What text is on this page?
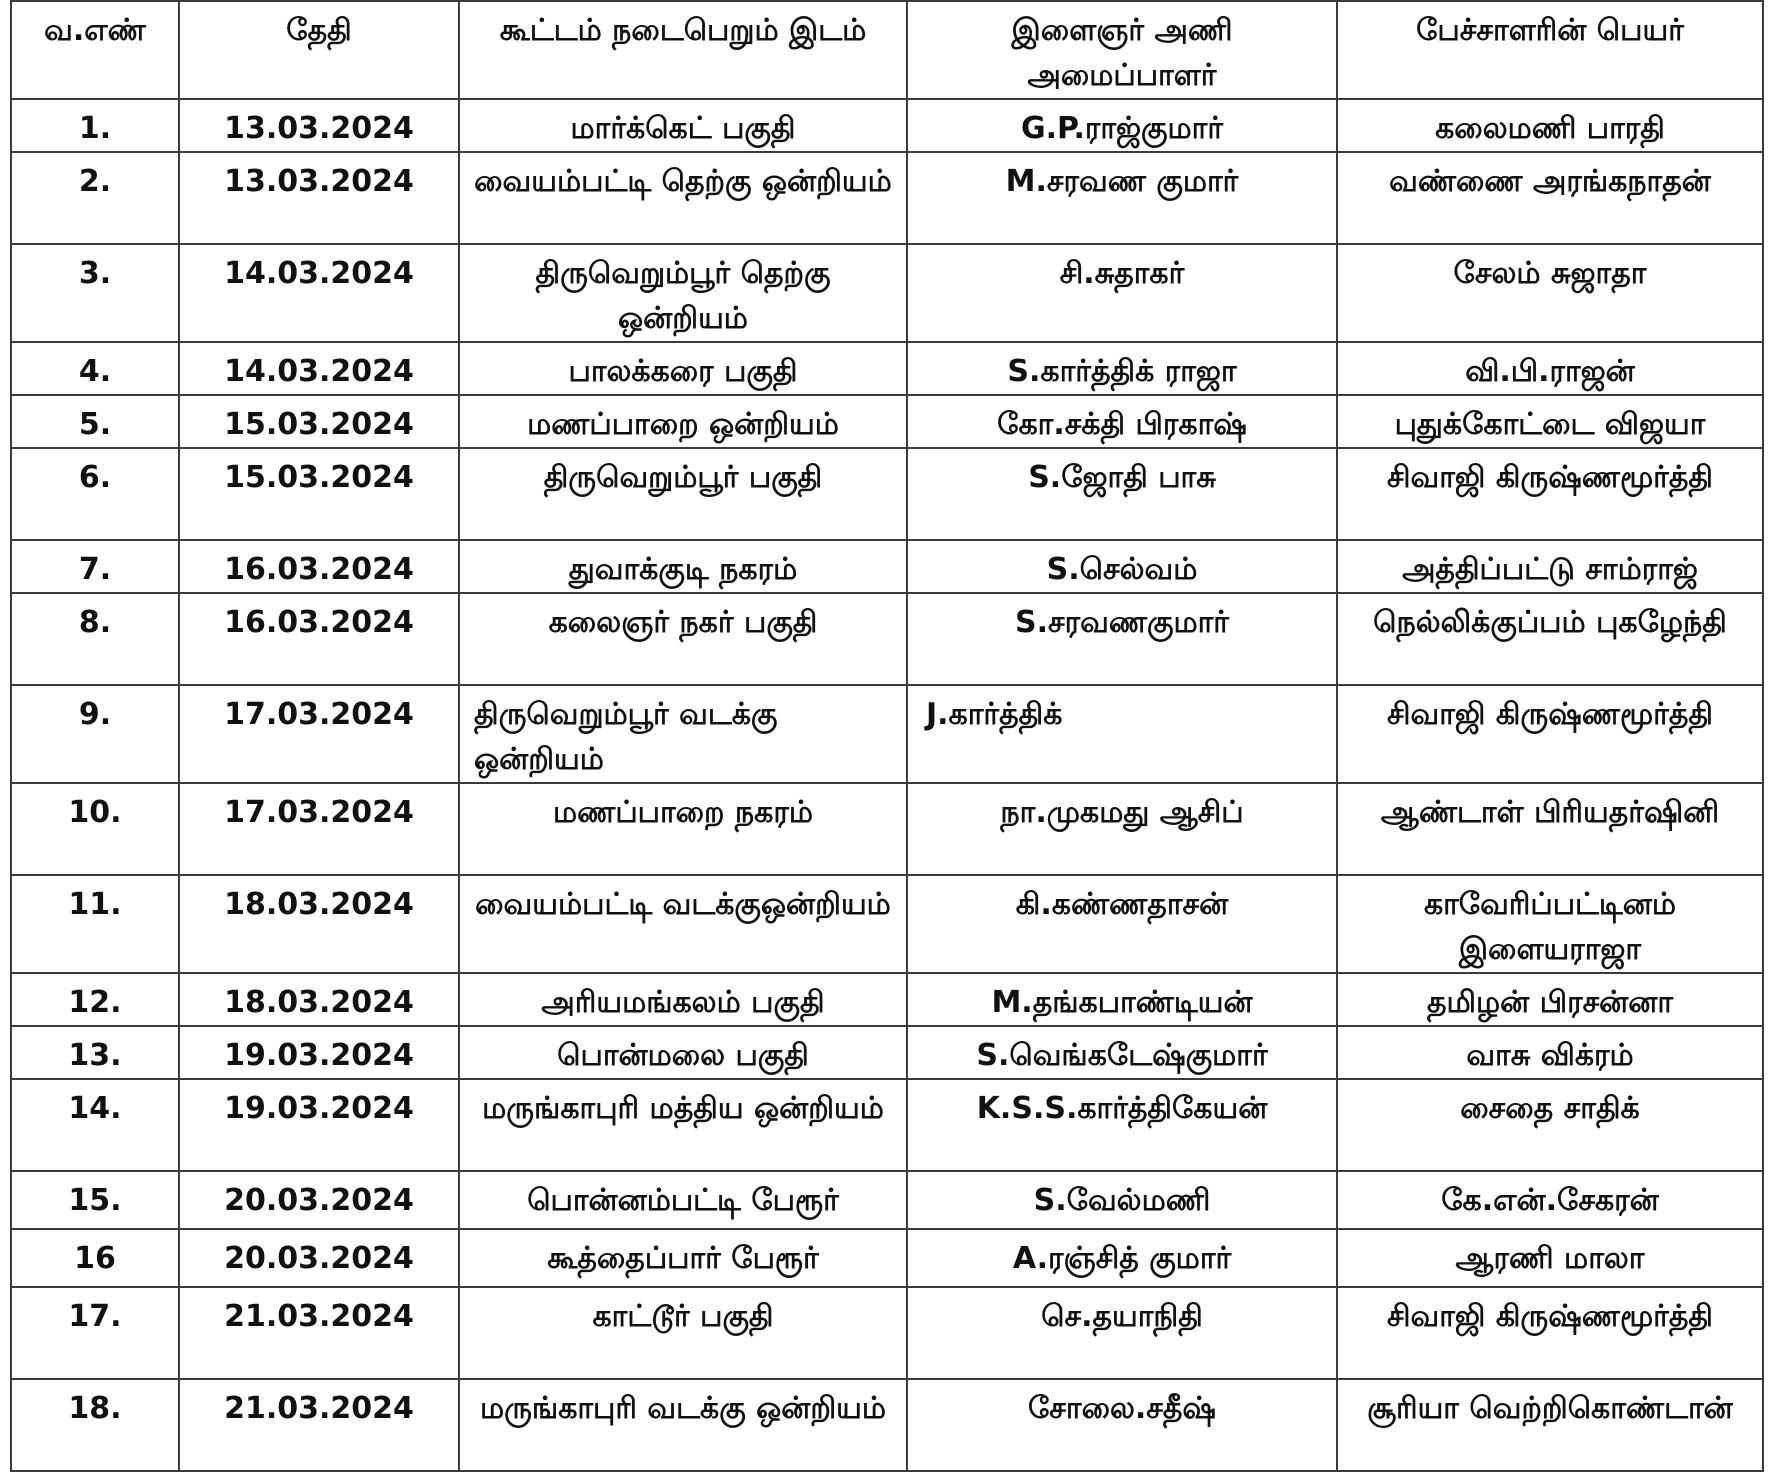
வ.எண்	தேதி	கூட்டம் நடைபெறும் இடம்	இளைஞர் அணி அமைப்பாளர்	பேச்சாளரின் பெயர்
1.	13.03.2024	மார்க்கெட் பகுதி	G.P.ராஜ்குமார்	கலைமணி பாரதி
2.	13.03.2024	வையம்பட்டி தெற்கு ஒன்றியம்	M.சரவண குமார்	வண்ணை அரங்கநாதன்
3.	14.03.2024	திருவெறும்பூர் தெற்கு ஒன்றியம்	சி.சுதாகர்	சேலம் சுஜாதா
4.	14.03.2024	பாலக்கரை பகுதி	S.கார்த்திக் ராஜா	வி.பி.ராஜன்
5.	15.03.2024	மணப்பாறை ஒன்றியம்	கோ.சக்தி பிரகாஷ்	புதுக்கோட்டை விஜயா
6.	15.03.2024	திருவெறும்பூர் பகுதி	S.ஜோதி பாசு	சிவாஜி கிருஷ்ணமூர்த்தி
7.	16.03.2024	துவாக்குடி நகரம்	S.செல்வம்	அத்திப்பட்டு சாம்ராஜ்
8.	16.03.2024	கலைஞர் நகர் பகுதி	S.சரவணகுமார்	நெல்லிக்குப்பம் புகழேந்தி
9.	17.03.2024	திருவெறும்பூர் வடக்கு ஒன்றியம்	J.கார்த்திக்	சிவாஜி கிருஷ்ணமூர்த்தி
10.	17.03.2024	மணப்பாறை நகரம்	நா.முகமது ஆசிப்	ஆண்டாள் பிரியதர்ஷினி
11.	18.03.2024	வையம்பட்டி வடக்குஒன்றியம்	கி.கண்ணதாசன்	காவேரிப்பட்டினம் இளையராஜா
12.	18.03.2024	அரியமங்கலம் பகுதி	M.தங்கபாண்டியன்	தமிழன் பிரசன்னா
13.	19.03.2024	பொன்மலை பகுதி	S.வெங்கடேஷ்குமார்	வாசு விக்ரம்
14.	19.03.2024	மருங்காபுரி மத்திய ஒன்றியம்	K.S.S.கார்த்திகேயன்	சைதை சாதிக்
15.	20.03.2024	பொன்னம்பட்டி பேரூர்	S.வேல்மணி	கே.என்.சேகரன்
16	20.03.2024	கூத்தைப்பார் பேரூர்	A.ரஞ்சித் குமார்	ஆரணி மாலா
17.	21.03.2024	காட்டூர் பகுதி	செ.தயாநிதி	சிவாஜி கிருஷ்ணமூர்த்தி
18.	21.03.2024	மருங்காபுரி வடக்கு ஒன்றியம்	சோலை.சதீஷ்	சூரியா வெற்றிகொண்டான்
